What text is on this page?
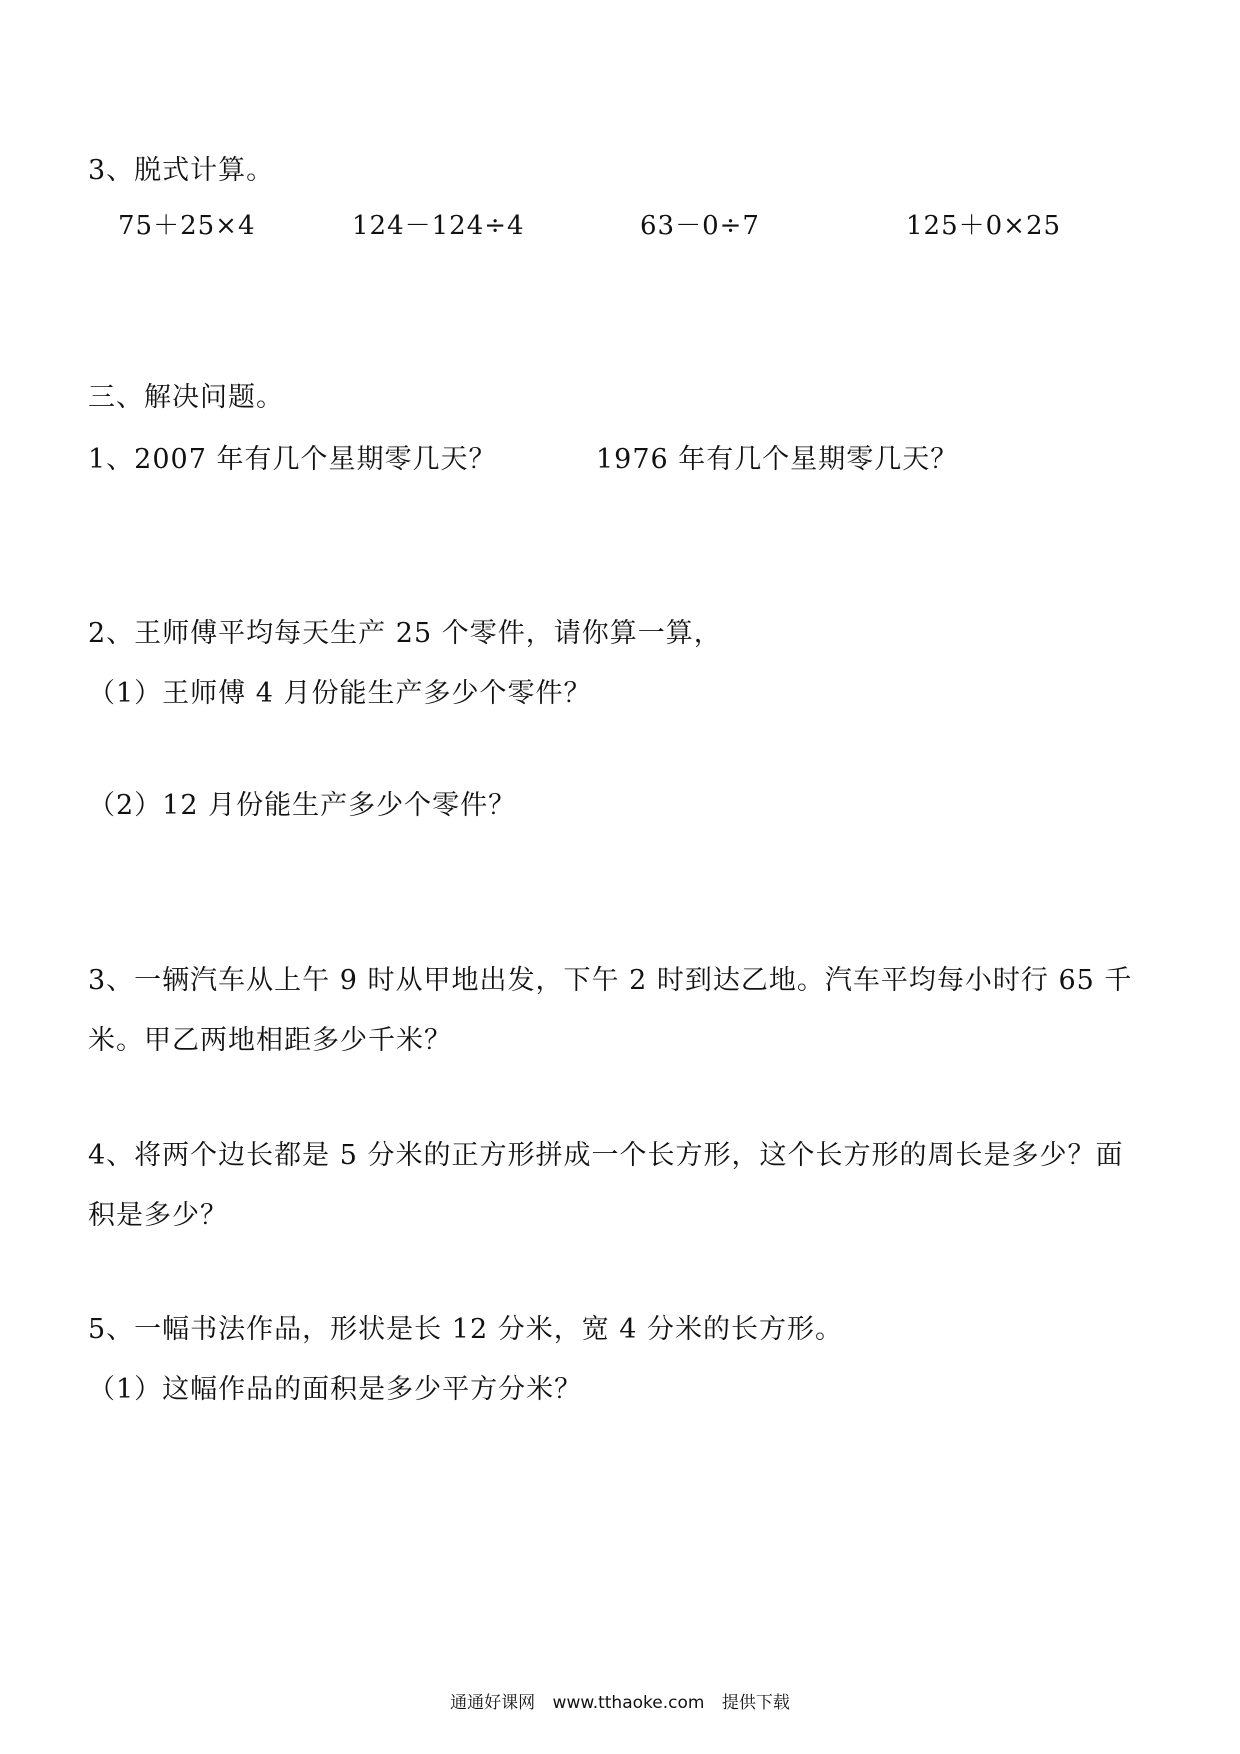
3、脱式计算。
75＋25×4	124－124÷4	63－0÷7	125＋0×25
三、解决问题。
1、2007 年有几个星期零几天？	1976 年有几个星期零几天？
2、王师傅平均每天生产 25 个零件，请你算一算，
（1）王师傅 4 月份能生产多少个零件？
（2）12 月份能生产多少个零件？
3、一辆汽车从上午 9 时从甲地出发，下午 2 时到达乙地。汽车平均每小时行 65 千
米。甲乙两地相距多少千米？
4、将两个边长都是 5 分米的正方形拼成一个长方形，这个长方形的周长是多少？面
积是多少？
5、一幅书法作品，形状是长 12 分米，宽 4 分米的长方形。
（1）这幅作品的面积是多少平方分米？
通通好课网 www.tthaoke.com 提供下载
